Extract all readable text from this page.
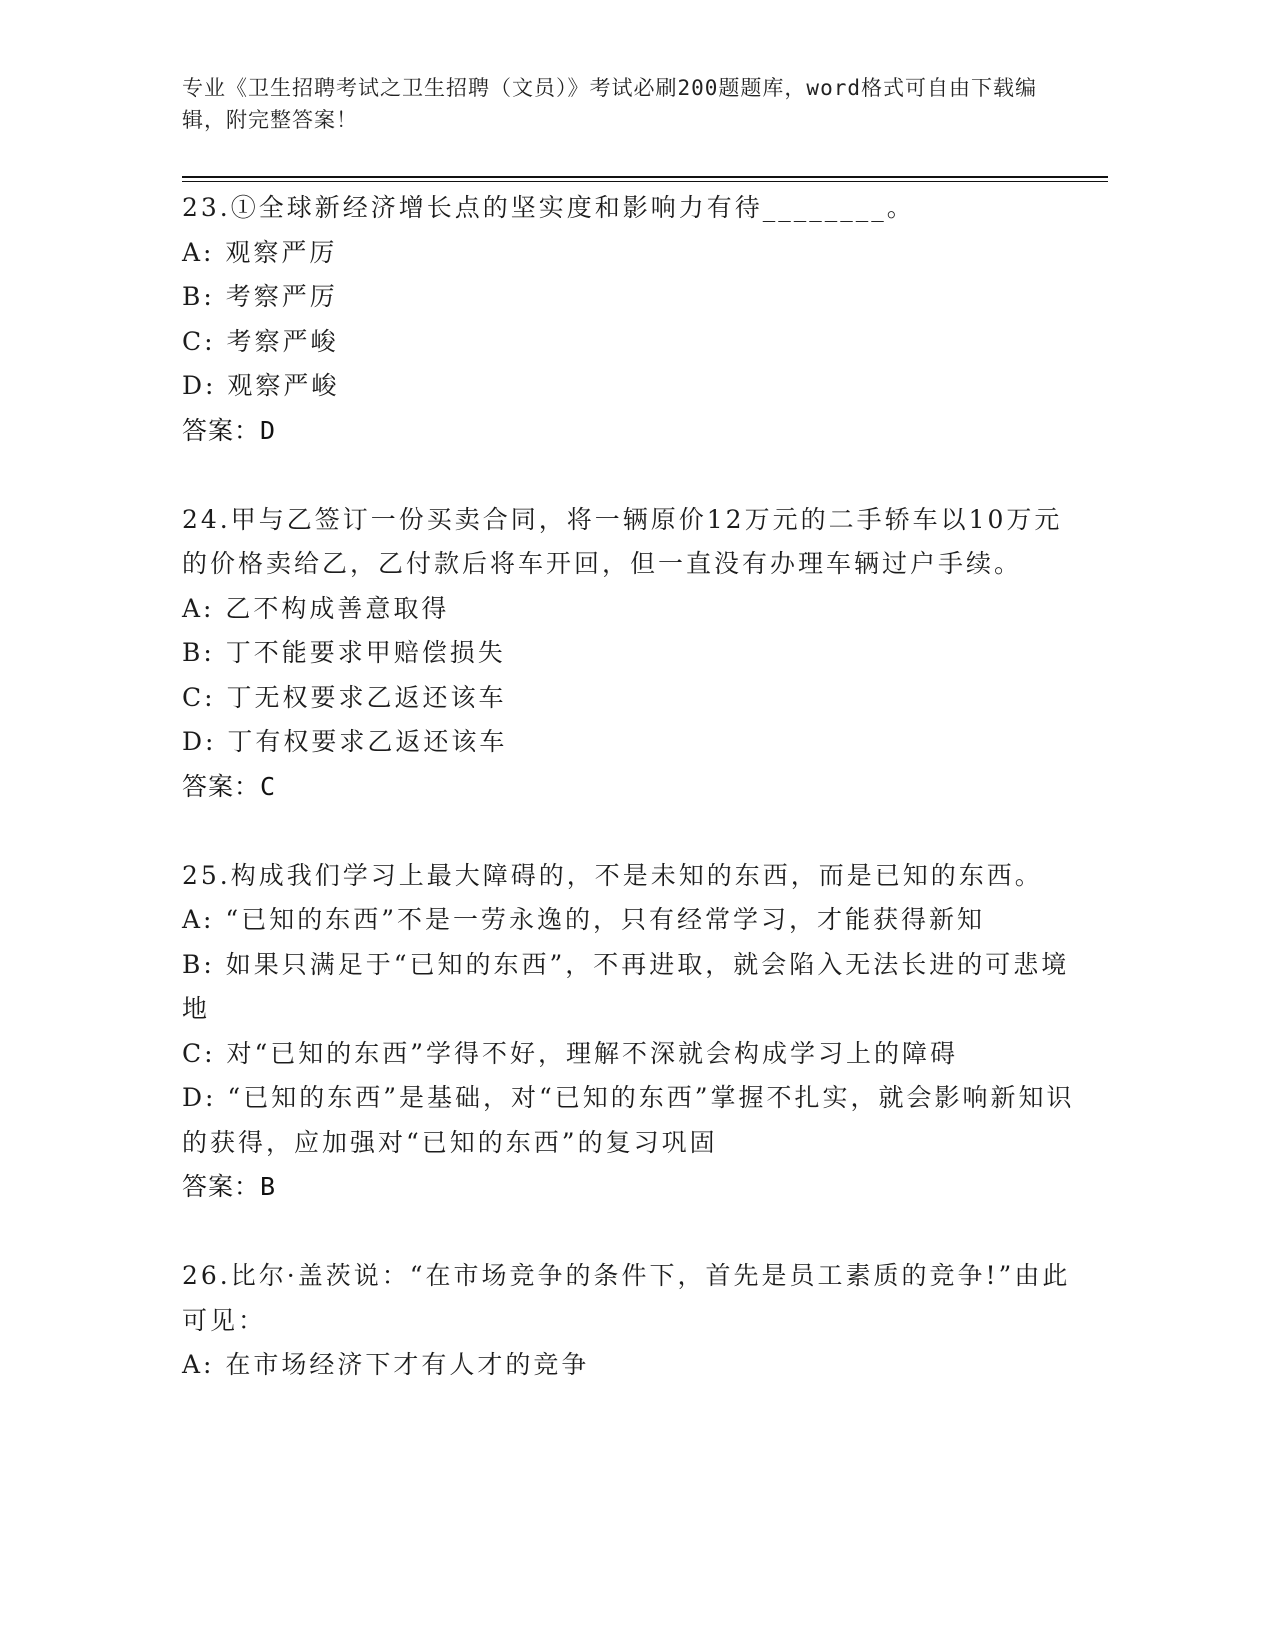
专业《卫生招聘考试之卫生招聘（文员）》考试必刷200题题库，word格式可自由下载编辑，附完整答案！

23.①全球新经济增长点的坚实度和影响力有待________。

A: 观察严厉

B: 考察严厉

C: 考察严峻

D: 观察严峻

答案：D

24.甲与乙签订一份买卖合同，将一辆原价12万元的二手轿车以10万元的价格卖给乙，乙付款后将车开回，但一直没有办理车辆过户手续。

A: 乙不构成善意取得

B: 丁不能要求甲赔偿损失

C: 丁无权要求乙返还该车

D: 丁有权要求乙返还该车

答案：C

25.构成我们学习上最大障碍的，不是未知的东西，而是已知的东西。

A: “已知的东西”不是一劳永逸的，只有经常学习，才能获得新知

B: 如果只满足于“已知的东西”，不再进取，就会陷入无法长进的可悲境地

C: 对“已知的东西”学得不好，理解不深就会构成学习上的障碍

D: “已知的东西”是基础，对“已知的东西”掌握不扎实，就会影响新知识的获得，应加强对“已知的东西”的复习巩固

答案：B

26.比尔·盖茨说：“在市场竞争的条件下，首先是员工素质的竞争!”由此可见：

A: 在市场经济下才有人才的竞争
